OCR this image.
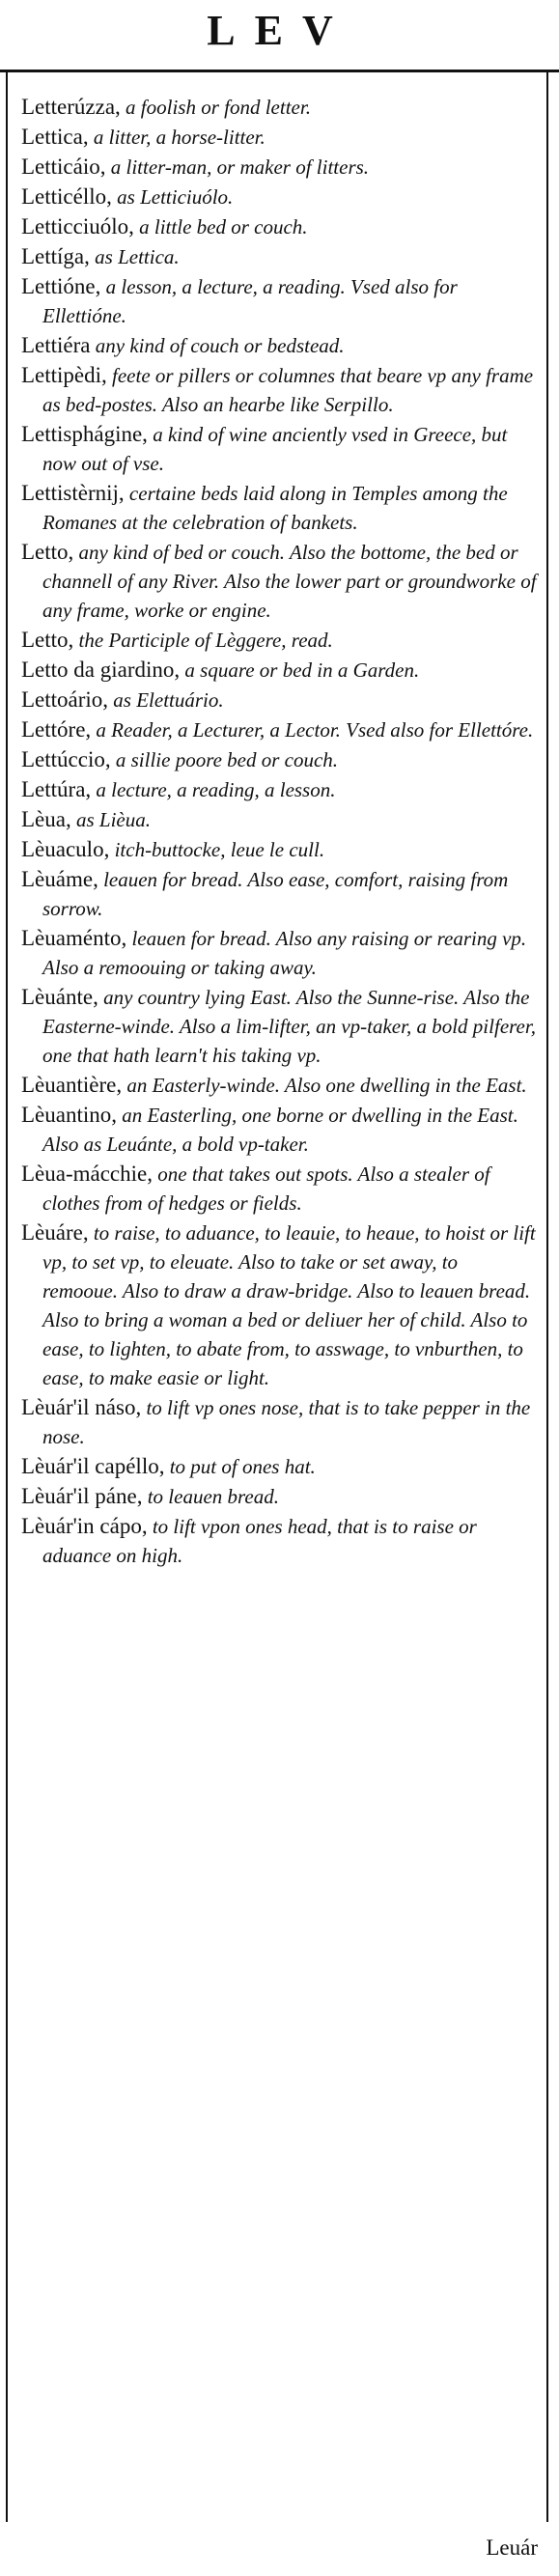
LEV
Letterúzza, a foolish or fond letter.
Lettica, a litter, a horse-litter.
Letticáio, a litter-man, or maker of litters.
Letticéllo, as Letticiuólo.
Letticciuólo, a little bed or couch.
Lettíga, as Lettica.
Lettióne, a lesson, a lecture, a reading. Vsed also for Ellettióne.
Lettiéra any kind of couch or bedstead.
Lettipèdi, feete or pillers or columnes that beare vp any frame as bed-postes. Also an hearbe like Serpillo.
Lettisphágine, a kind of wine anciently vsed in Greece, but now out of vse.
Lettistèrnij, certaine beds laid along in Temples among the Romanes at the celebration of bankets.
Letto, any kind of bed or couch. Also the bottome, the bed or channell of any River. Also the lower part or groundworke of any frame, worke or engine.
Letto, the Participle of Lèggere, read.
Letto da giardino, a square or bed in a Garden.
Lettoário, as Elettuário.
Lettóre, a Reader, a Lecturer, a Lector. Vsed also for Ellettóre.
Lettúccio, a sillie poore bed or couch.
Lettúra, a lecture, a reading, a lesson.
Lèua, as Lièua.
Lèuaculo, itch-buttocke, leue le cull.
Lèuáme, leauen for bread. Also ease, comfort, raising from sorrow.
Lèuaménto, leauen for bread. Also any raising or rearing vp. Also a remoouing or taking away.
Lèuánte, any country lying East. Also the Sunne-rise. Also the Easterne-winde. Also a lim-lifter, an vp-taker, a bold pilferer, one that hath learn't his taking vp.
Lèuantière, an Easterly-winde. Also one dwelling in the East.
Lèuantino, an Easterling, one borne or dwelling in the East. Also as Leuánte, a bold vp-taker.
Lèua-mácchie, one that takes out spots. Also a stealer of clothes from of hedges or fields.
Lèuáre, to raise, to aduance, to leauie, to heaue, to hoist or lift vp, to set vp, to eleuate. Also to take or set away, to remooue. Also to draw a draw-bridge. Also to leauen bread. Also to bring a woman a bed or deliuer her of child. Also to ease, to lighten, to abate from, to asswage, to vnburthen, to ease, to make easie or light.
Lèuár'il náso, to lift vp ones nose, that is to take pepper in the nose.
Lèuár'il capéllo, to put of ones hat.
Lèuár'il páne, to leauen bread.
Lèuár'in cápo, to lift vpon ones head, that is to raise or aduance on high.
Leuár
